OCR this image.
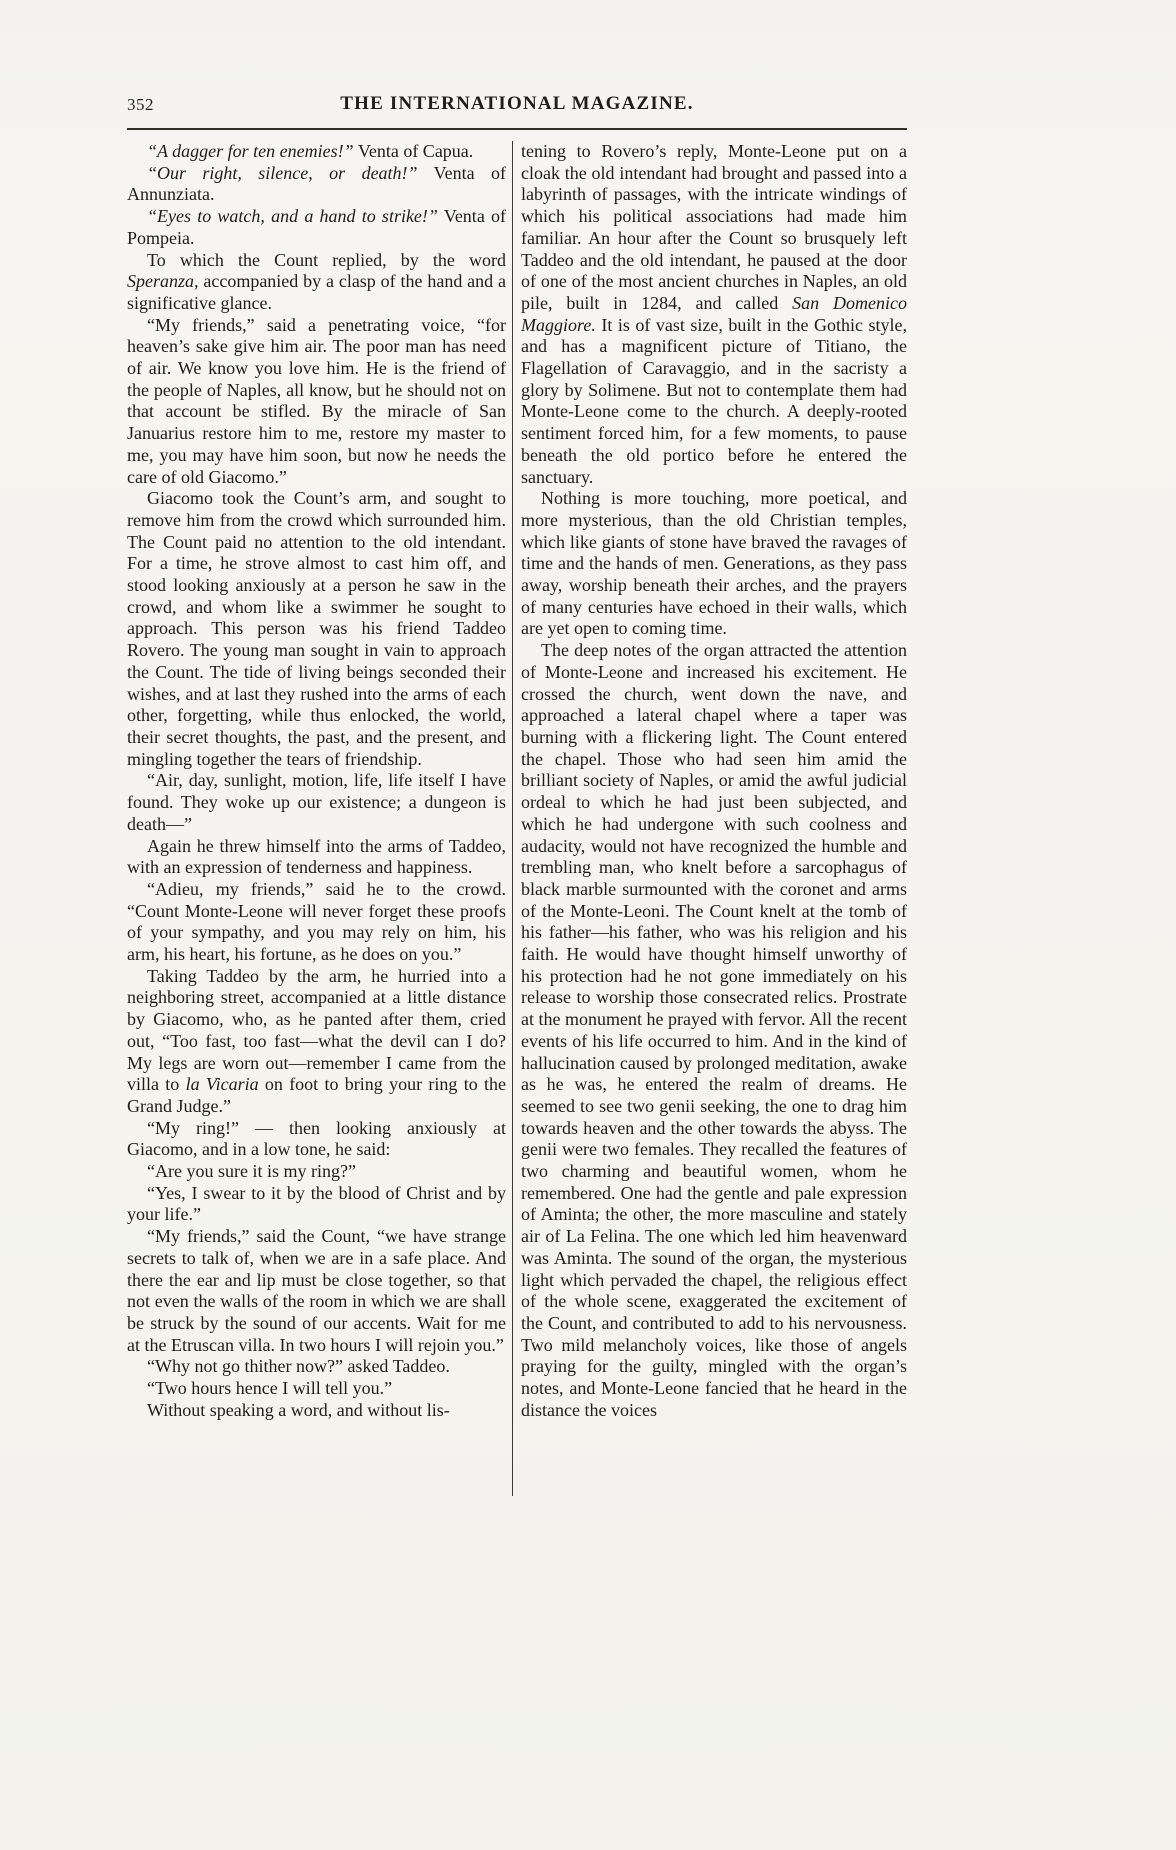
352	THE INTERNATIONAL MAGAZINE.

“A dagger for ten enemies!” Venta of Capua.

“Our right, silence, or death!” Venta of Annunziata.

“Eyes to watch, and a hand to strike!” Venta of Pompeia.

To which the Count replied, by the word Speranza, accompanied by a clasp of the hand and a significative glance.

“My friends,” said a penetrating voice, “for heaven’s sake give him air. The poor man has need of air. We know you love him. He is the friend of the people of Naples, all know, but he should not on that account be stifled. By the miracle of San Januarius restore him to me, restore my master to me, you may have him soon, but now he needs the care of old Giacomo.”

Giacomo took the Count’s arm, and sought to remove him from the crowd which surrounded him. The Count paid no attention to the old intendant. For a time, he strove almost to cast him off, and stood looking anxiously at a person he saw in the crowd, and whom like a swimmer he sought to approach. This person was his friend Taddeo Rovero. The young man sought in vain to approach the Count. The tide of living beings seconded their wishes, and at last they rushed into the arms of each other, forgetting, while thus enlocked, the world, their secret thoughts, the past, and the present, and mingling together the tears of friendship.

“Air, day, sunlight, motion, life, life itself I have found. They woke up our existence; a dungeon is death—”

Again he threw himself into the arms of Taddeo, with an expression of tenderness and happiness.

“Adieu, my friends,” said he to the crowd. “Count Monte-Leone will never forget these proofs of your sympathy, and you may rely on him, his arm, his heart, his fortune, as he does on you.”

Taking Taddeo by the arm, he hurried into a neighboring street, accompanied at a little distance by Giacomo, who, as he panted after them, cried out, “Too fast, too fast—what the devil can I do? My legs are worn out—remember I came from the villa to la Vicaria on foot to bring your ring to the Grand Judge.”

“My ring!” — then looking anxiously at Giacomo, and in a low tone, he said:

“Are you sure it is my ring?”

“Yes, I swear to it by the blood of Christ and by your life.”

“My friends,” said the Count, “we have strange secrets to talk of, when we are in a safe place. And there the ear and lip must be close together, so that not even the walls of the room in which we are shall be struck by the sound of our accents. Wait for me at the Etruscan villa. In two hours I will rejoin you.”

“Why not go thither now?” asked Taddeo.

“Two hours hence I will tell you.”

Without speaking a word, and without lis-

tening to Rovero’s reply, Monte-Leone put on a cloak the old intendant had brought and passed into a labyrinth of passages, with the intricate windings of which his political associations had made him familiar. An hour after the Count so brusquely left Taddeo and the old intendant, he paused at the door of one of the most ancient churches in Naples, an old pile, built in 1284, and called San Domenico Maggiore. It is of vast size, built in the Gothic style, and has a magnificent picture of Titiano, the Flagellation of Caravaggio, and in the sacristy a glory by Solimene. But not to contemplate them had Monte-Leone come to the church. A deeply-rooted sentiment forced him, for a few moments, to pause beneath the old portico before he entered the sanctuary.

Nothing is more touching, more poetical, and more mysterious, than the old Christian temples, which like giants of stone have braved the ravages of time and the hands of men. Generations, as they pass away, worship beneath their arches, and the prayers of many centuries have echoed in their walls, which are yet open to coming time.

The deep notes of the organ attracted the attention of Monte-Leone and increased his excitement. He crossed the church, went down the nave, and approached a lateral chapel where a taper was burning with a flickering light. The Count entered the chapel. Those who had seen him amid the brilliant society of Naples, or amid the awful judicial ordeal to which he had just been subjected, and which he had undergone with such coolness and audacity, would not have recognized the humble and trembling man, who knelt before a sarcophagus of black marble surmounted with the coronet and arms of the Monte-Leoni. The Count knelt at the tomb of his father—his father, who was his religion and his faith. He would have thought himself unworthy of his protection had he not gone immediately on his release to worship those consecrated relics. Prostrate at the monument he prayed with fervor. All the recent events of his life occurred to him. And in the kind of hallucination caused by prolonged meditation, awake as he was, he entered the realm of dreams. He seemed to see two genii seeking, the one to drag him towards heaven and the other towards the abyss. The genii were two females. They recalled the features of two charming and beautiful women, whom he remembered. One had the gentle and pale expression of Aminta; the other, the more masculine and stately air of La Felina. The one which led him heavenward was Aminta. The sound of the organ, the mysterious light which pervaded the chapel, the religious effect of the whole scene, exaggerated the excitement of the Count, and contributed to add to his nervousness. Two mild melancholy voices, like those of angels praying for the guilty, mingled with the organ’s notes, and Monte-Leone fancied that he heard in the distance the voices
